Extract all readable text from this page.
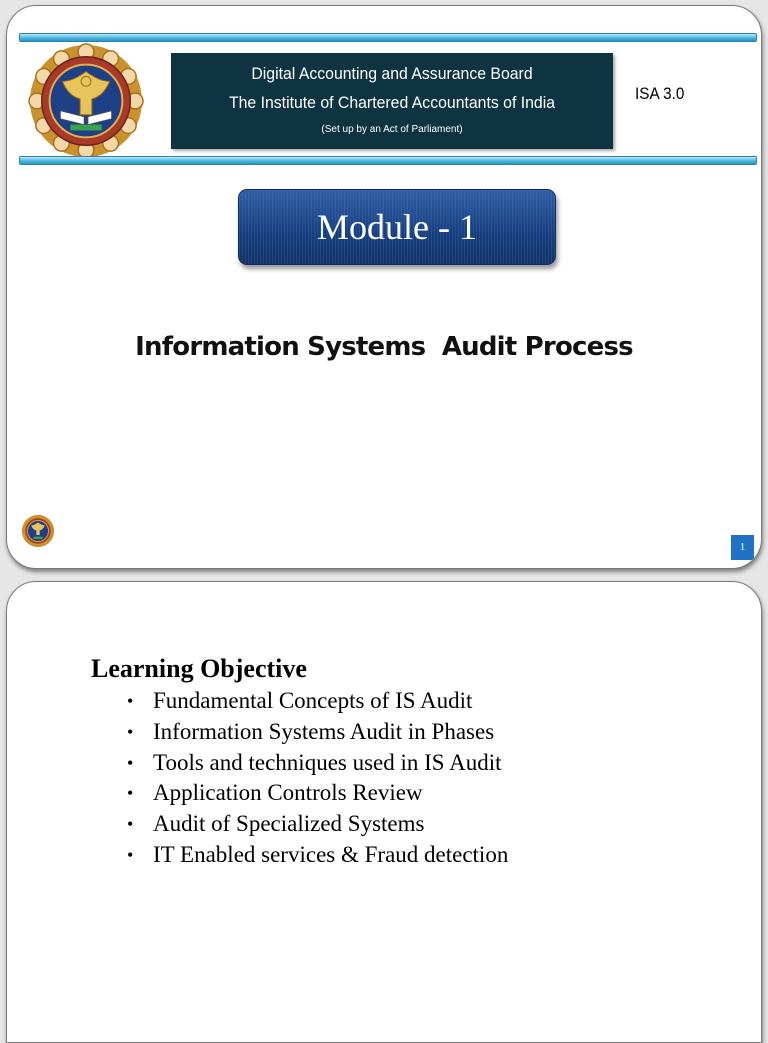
Digital Accounting and Assurance Board
The Institute of Chartered Accountants of India
(Set up by an Act of Parliament)
ISA 3.0
Module - 1
Information Systems  Audit Process
1
Learning Objective
• Fundamental Concepts of IS Audit
• Information Systems Audit in Phases
• Tools and techniques used in IS Audit
• Application Controls Review
• Audit of Specialized Systems
• IT Enabled services & Fraud detection
